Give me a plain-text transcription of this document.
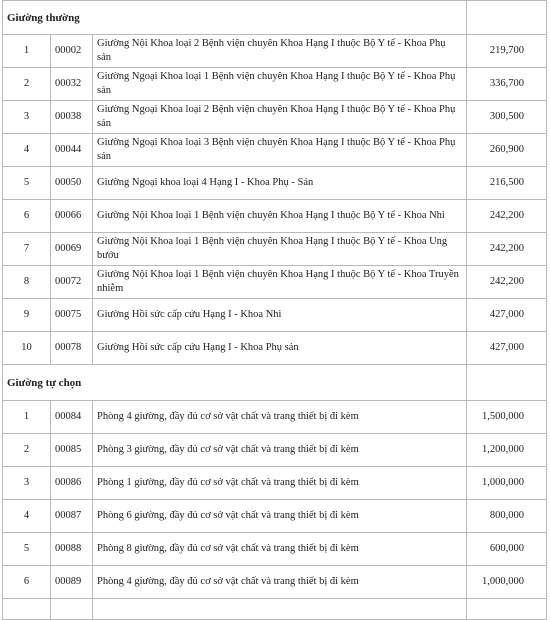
Giường thường			
1	00002	Giường Nội Khoa loại 2 Bệnh viện chuyên Khoa Hạng I thuộc Bộ Y tế - Khoa Phụ sản	219,700
2	00032	Giường Ngoại Khoa loại 1 Bệnh viện chuyên Khoa Hạng I thuộc Bộ Y tế - Khoa Phụ sản	336,700
3	00038	Giường Ngoại Khoa loại 2 Bệnh viện chuyên Khoa Hạng I thuộc Bộ Y tế - Khoa Phụ sản	300,500
4	00044	Giường Ngoại Khoa loại 3 Bệnh viện chuyên Khoa Hạng I thuộc Bộ Y tế - Khoa Phụ sản	260,900
5	00050	Giường Ngoại khoa loại 4 Hạng I - Khoa Phụ - Sản	216,500
6	00066	Giường Nội Khoa loại 1 Bệnh viện chuyên Khoa Hạng I thuộc Bộ Y tế - Khoa Nhi	242,200
7	00069	Giường Nội Khoa loại 1 Bệnh viện chuyên Khoa Hạng I thuộc Bộ Y tế - Khoa Ung bướu	242,200
8	00072	Giường Nội Khoa loại 1 Bệnh viện chuyên Khoa Hạng I thuộc Bộ Y tế - Khoa Truyền nhiễm	242,200
9	00075	Giường Hồi sức cấp cứu Hạng I - Khoa Nhi	427,000
10	00078	Giường Hồi sức cấp cứu Hạng I - Khoa Phụ sản	427,000
Giường tự chọn			
1	00084	Phòng 4 giường, đầy đủ cơ sở vật chất và trang thiết bị đi kèm	1,500,000
2	00085	Phòng 3 giường, đầy đủ cơ sở vật chất và trang thiết bị đi kèm	1,200,000
3	00086	Phòng 1 giường, đầy đủ cơ sở vật chất và trang thiết bị đi kèm	1,000,000
4	00087	Phòng 6 giường, đầy đủ cơ sở vật chất và trang thiết bị đi kèm	800,000
5	00088	Phòng 8 giường, đầy đủ cơ sở vật chất và trang thiết bị đi kèm	600,000
6	00089	Phòng 4 giường, đầy đủ cơ sở vật chất và trang thiết bị đi kèm	1,000,000
